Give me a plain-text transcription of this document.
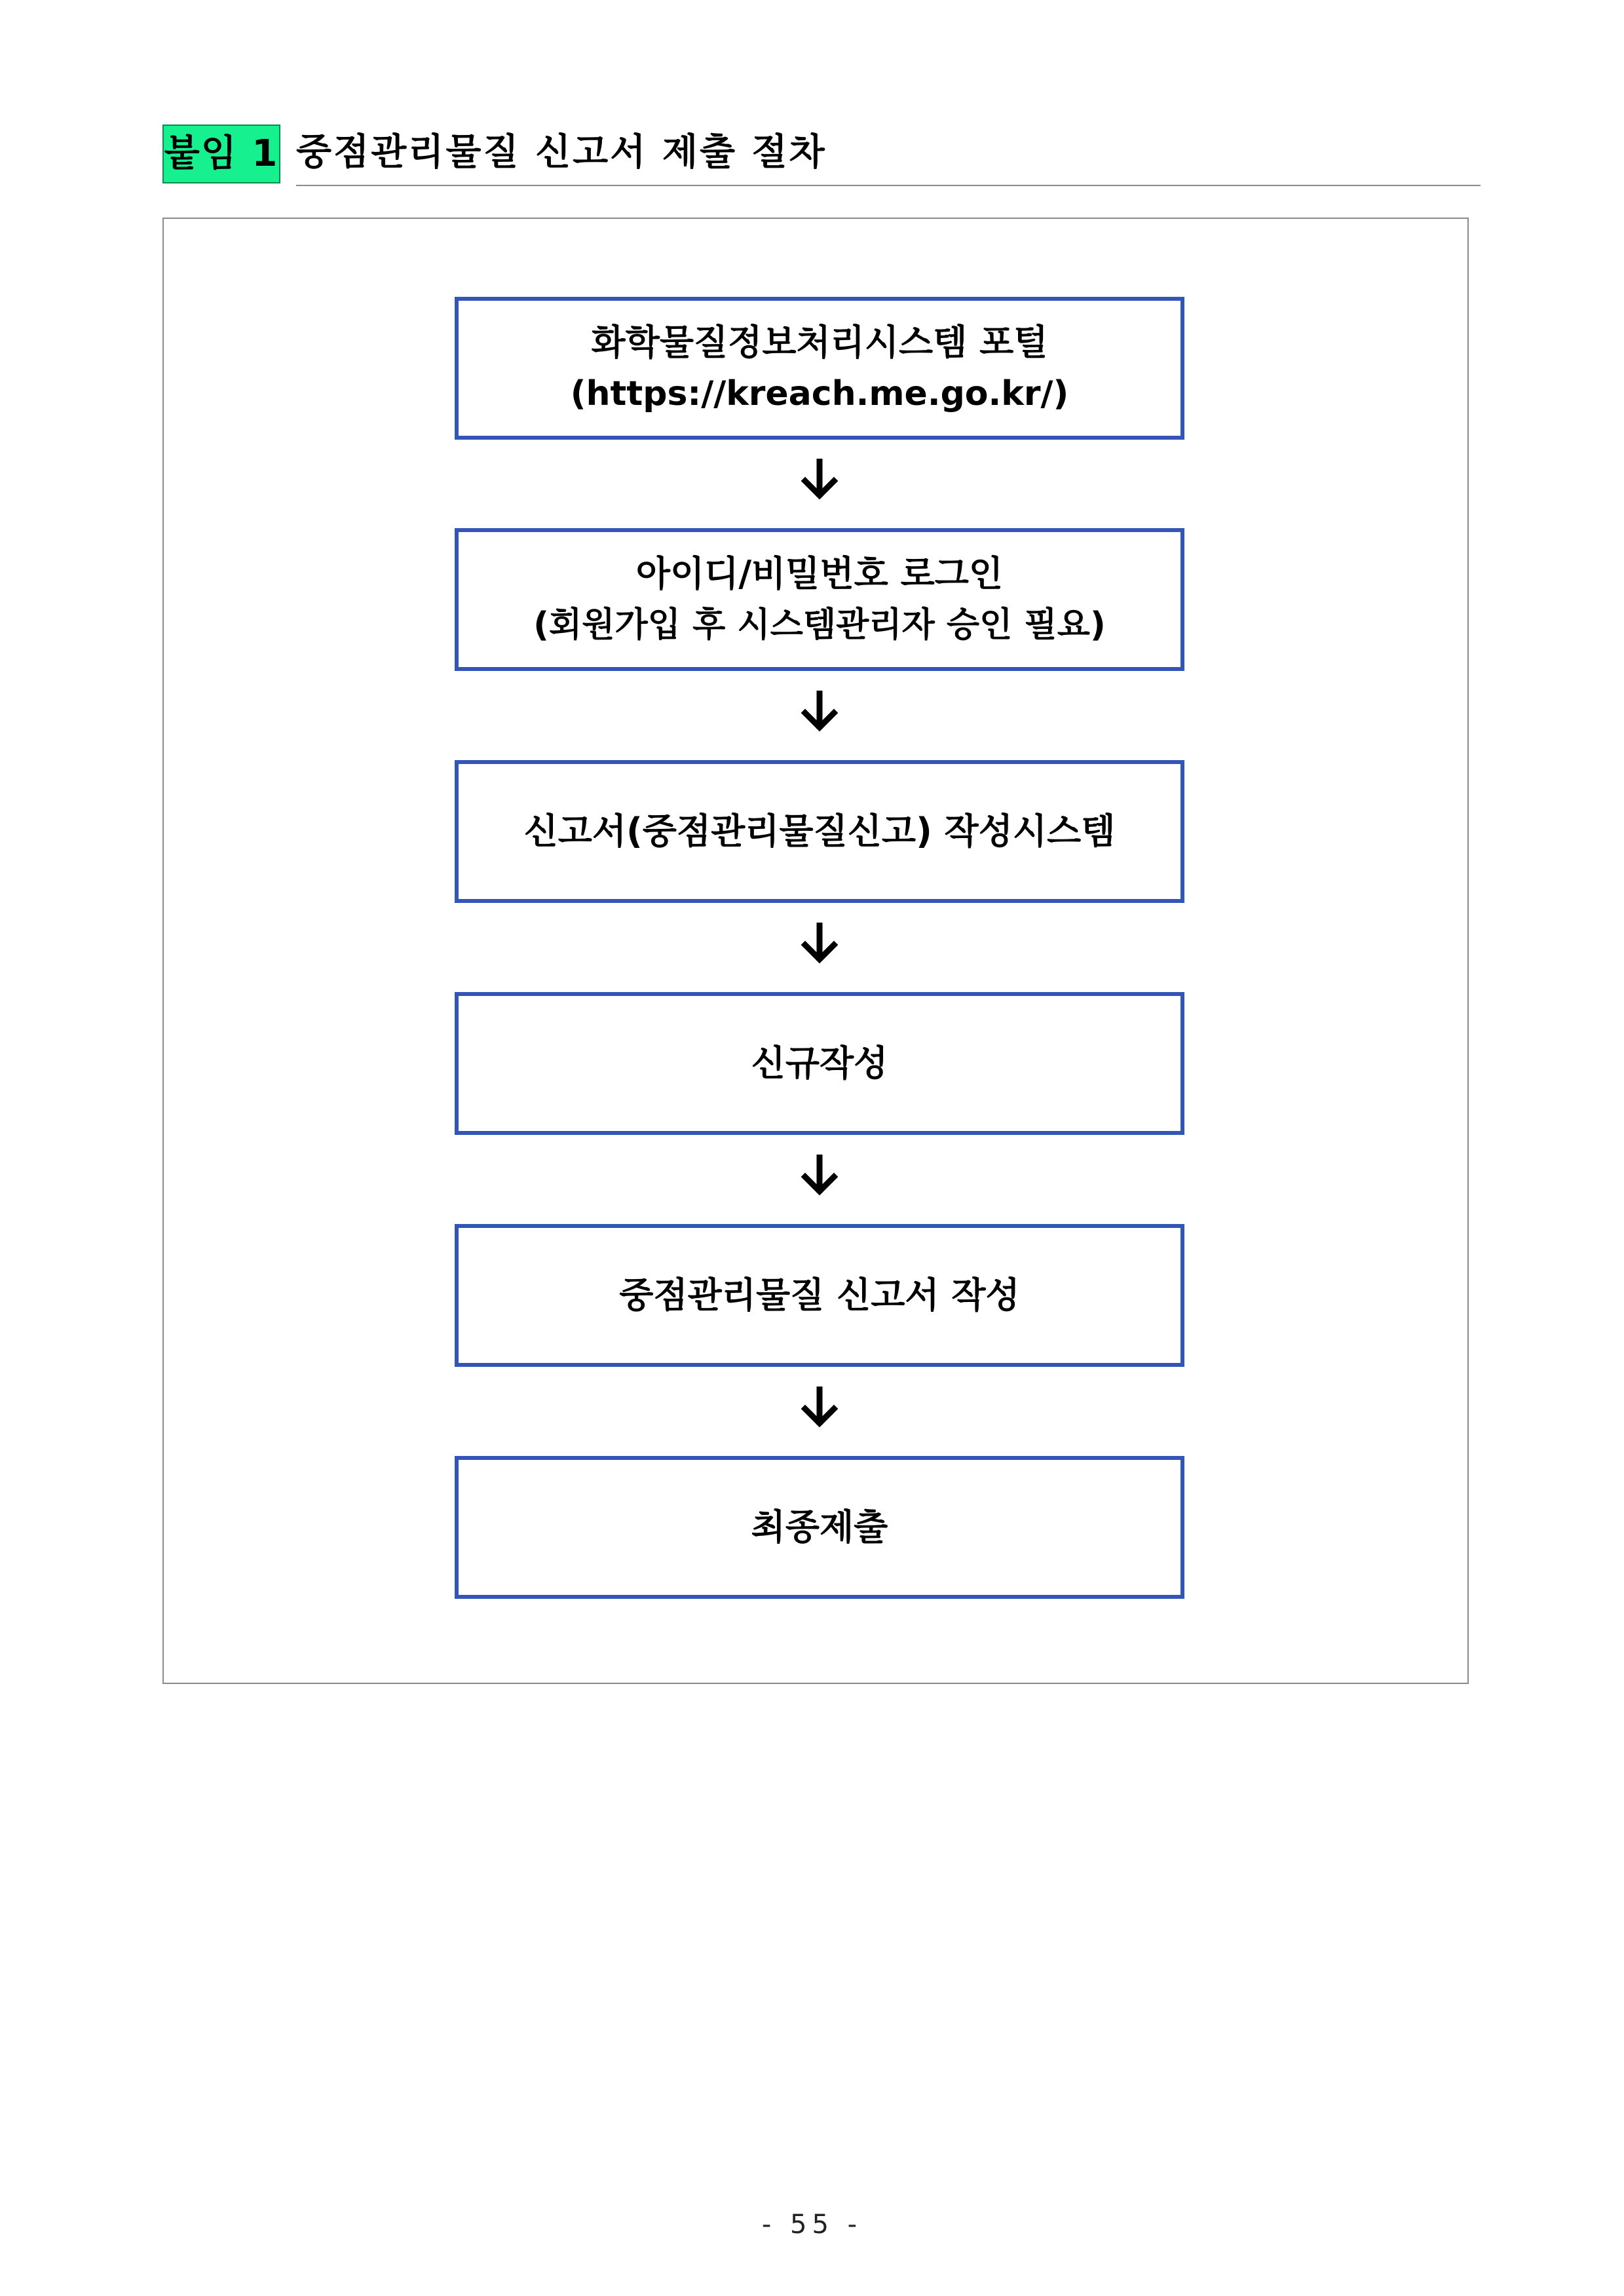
붙임 1 중점관리물질 신고서 제출 절차
화학물질정보처리시스템 포털
(https://kreach.me.go.kr/)
아이디/비밀번호 로그인
(회원가입 후 시스템관리자 승인 필요)
신고서(중점관리물질신고) 작성시스템
신규작성
중점관리물질 신고서 작성
최종제출
- 55 -
